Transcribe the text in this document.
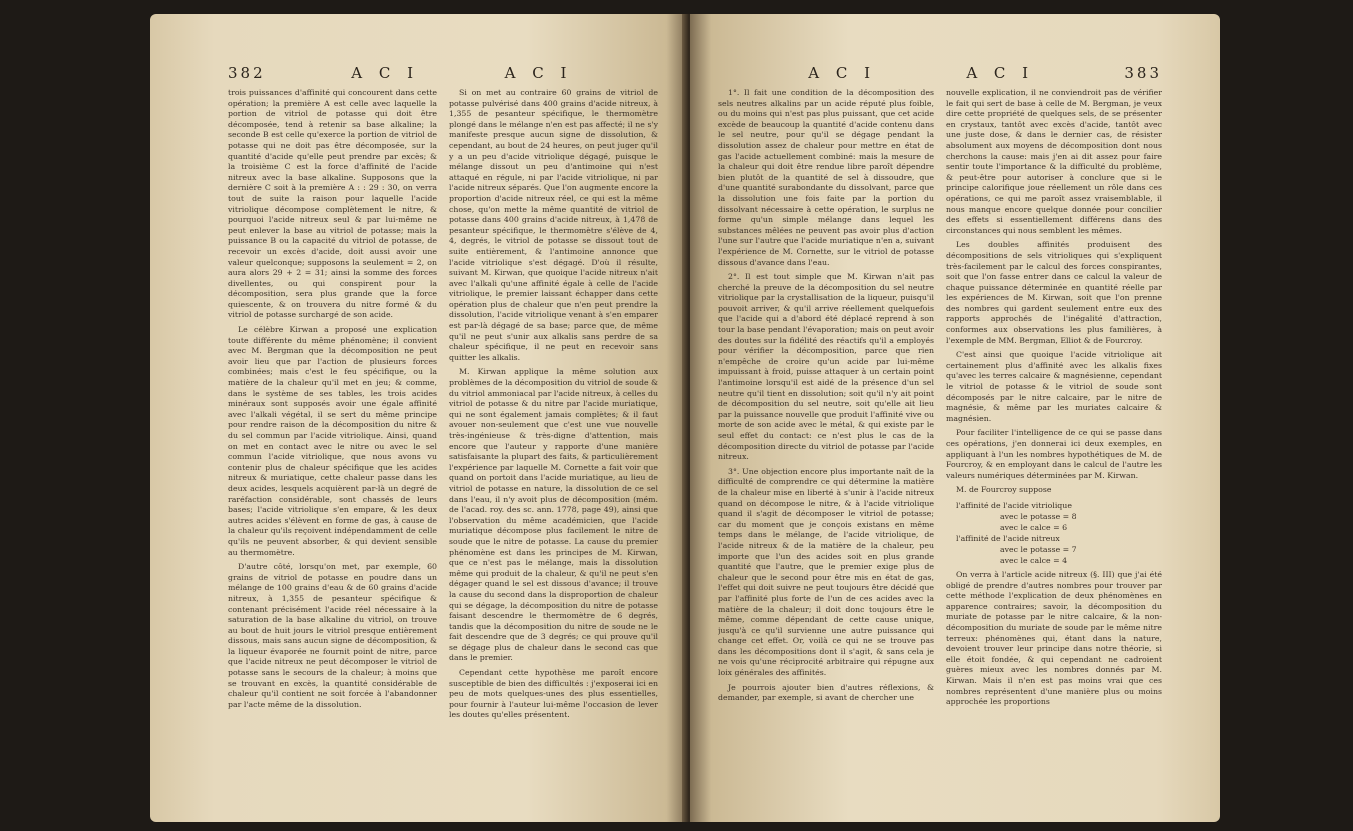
382	A C I	A C I

trois puissances d'affinité qui concourent dans cette opération; la première A est celle avec laquelle la portion de vitriol de potasse qui doit être décomposée, tend à retenir sa base alkaline; la seconde B est celle qu'exerce la portion de vitriol de potasse qui ne doit pas être décomposée, sur la quantité d'acide qu'elle peut prendre par excès; & la troisième C est la force d'affinité de l'acide nitreux avec la base alkaline. Supposons que la dernière C soit à la première A : : 29 : 30, on verra tout de suite la raison pour laquelle l'acide vitriolique décompose complètement le nitre, & pourquoi l'acide nitreux seul & par lui-même ne peut enlever la base au vitriol de potasse; mais la puissance B ou la capacité du vitriol de potasse, de recevoir un excès d'acide, doit aussi avoir une valeur quelconque; supposons la seulement = 2, on aura alors 29 + 2 = 31; ainsi la somme des forces divellentes, ou qui conspirent pour la décomposition, sera plus grande que la force quiescente, & on trouvera du nitre formé & du vitriol de potasse surchargé de son acide.

Le célèbre Kirwan a proposé une explication toute différente du même phénomène; il convient avec M. Bergman que la décomposition ne peut avoir lieu que par l'action de plusieurs forces combinées; mais c'est le feu spécifique, ou la matière de la chaleur qu'il met en jeu; & comme, dans le système de ses tables, les trois acides minéraux sont supposés avoir une égale affinité avec l'alkali végétal, il se sert du même principe pour rendre raison de la décomposition du nitre & du sel commun par l'acide vitriolique. Ainsi, quand on met en contact avec le nitre ou avec le sel commun l'acide vitriolique, que nous avons vu contenir plus de chaleur spécifique que les acides nitreux & muriatique, cette chaleur passe dans les deux acides, lesquels acquièrent par-là un degré de raréfaction considérable, sont chassés de leurs bases; l'acide vitriolique s'en empare, & les deux autres acides s'élèvent en forme de gas, à cause de la chaleur qu'ils reçoivent indépendamment de celle qu'ils ne peuvent absorber, & qui devient sensible au thermomètre.

D'autre côté, lorsqu'on met, par exemple, 60 grains de vitriol de potasse en poudre dans un mélange de 100 grains d'eau & de 60 grains d'acide nitreux, à 1,355 de pesanteur spécifique & contenant précisément l'acide réel nécessaire à la saturation de la base alkaline du vitriol, on trouve au bout de huit jours le vitriol presque entièrement dissous, mais sans aucun signe de décomposition, & la liqueur évaporée ne fournit point de nitre, parce que l'acide nitreux ne peut décomposer le vitriol de potasse sans le secours de la chaleur; à moins que se trouvant en excès, la quantité considérable de chaleur qu'il contient ne soit forcée à l'abandonner par l'acte même de la dissolution.

Si on met au contraire 60 grains de vitriol de potasse pulvérisé dans 400 grains d'acide nitreux, à 1,355 de pesanteur spécifique, le thermomètre plongé dans le mélange n'en est pas affecté; il ne s'y manifeste presque aucun signe de dissolution, & cependant, au bout de 24 heures, on peut juger qu'il y a un peu d'acide vitriolique dégagé, puisque le mélange dissout un peu d'antimoine qui n'est attaqué en régule, ni par l'acide vitriolique, ni par l'acide nitreux séparés. Que l'on augmente encore la proportion d'acide nitreux réel, ce qui est la même chose, qu'on mette la même quantité de vitriol de potasse dans 400 grains d'acide nitreux, à 1,478 de pesanteur spécifique, le thermomètre s'élève de 4, 4, degrés, le vitriol de potasse se dissout tout de suite entièrement, & l'antimoine annonce que l'acide vitriolique s'est dégagé. D'où il résulte, suivant M. Kirwan, que quoique l'acide nitreux n'ait avec l'alkali qu'une affinité égale à celle de l'acide vitriolique, le premier laissant échapper dans cette opération plus de chaleur que n'en peut prendre la dissolution, l'acide vitriolique venant à s'en emparer est par-là dégagé de sa base; parce que, de même qu'il ne peut s'unir aux alkalis sans perdre de sa chaleur spécifique, il ne peut en recevoir sans quitter les alkalis.

M. Kirwan applique la même solution aux problèmes de la décomposition du vitriol de soude & du vitriol ammoniacal par l'acide nitreux, à celles du vitriol de potasse & du nitre par l'acide muriatique, qui ne sont également jamais complètes; & il faut avouer non-seulement que c'est une vue nouvelle très-ingénieuse & très-digne d'attention, mais encore que l'auteur y rapporte d'une manière satisfaisante la plupart des faits, & particulièrement l'expérience par laquelle M. Cornette a fait voir que quand on portoit dans l'acide muriatique, au lieu de vitriol de potasse en nature, la dissolution de ce sel dans l'eau, il n'y avoit plus de décomposition (mém. de l'acad. roy. des sc. ann. 1778, page 49), ainsi que l'observation du même académicien, que l'acide muriatique décompose plus facilement le nitre de soude que le nitre de potasse. La cause du premier phénomène est dans les principes de M. Kirwan, que ce n'est pas le mélange, mais la dissolution même qui produit de la chaleur, & qu'il ne peut s'en dégager quand le sel est dissous d'avance; il trouve la cause du second dans la disproportion de chaleur qui se dégage, la décomposition du nitre de potasse faisant descendre le thermomètre de 6 degrés, tandis que la décomposition du nitre de soude ne le fait descendre que de 3 degrés; ce qui prouve qu'il se dégage plus de chaleur dans le second cas que dans le premier.

Cependant cette hypothèse me paroît encore susceptible de bien des difficultés : j'exposerai ici en peu de mots quelques-unes des plus essentielles, pour fournir à l'auteur lui-même l'occasion de lever les doutes qu'elles présentent.

A C I	A C I	383

1°. Il fait une condition de la décomposition des sels neutres alkalins par un acide réputé plus foible, ou du moins qui n'est pas plus puissant, que cet acide excède de beaucoup la quantité d'acide contenu dans le sel neutre, pour qu'il se dégage pendant la dissolution assez de chaleur pour mettre en état de gas l'acide actuellement combiné: mais la mesure de la chaleur qui doit être rendue libre paroît dépendre bien plutôt de la quantité de sel à dissoudre, que d'une quantité surabondante du dissolvant, parce que la dissolution une fois faite par la portion du dissolvant nécessaire à cette opération, le surplus ne forme qu'un simple mélange dans lequel les substances mêlées ne peuvent pas avoir plus d'action l'une sur l'autre que l'acide muriatique n'en a, suivant l'expérience de M. Cornette, sur le vitriol de potasse dissous d'avance dans l'eau.

2°. Il est tout simple que M. Kirwan n'ait pas cherché la preuve de la décomposition du sel neutre vitriolique par la crystallisation de la liqueur, puisqu'il pouvoit arriver, & qu'il arrive réellement quelquefois que l'acide qui a d'abord été déplacé reprend à son tour la base pendant l'évaporation; mais on peut avoir des doutes sur la fidélité des réactifs qu'il a employés pour vérifier la décomposition, parce que rien n'empêche de croire qu'un acide par lui-même impuissant à froid, puisse attaquer à un certain point l'antimoine lorsqu'il est aidé de la présence d'un sel neutre qu'il tient en dissolution; soit qu'il n'y ait point de décomposition du sel neutre, soit qu'elle ait lieu par la puissance nouvelle que produit l'affinité vive ou morte de son acide avec le métal, & qui existe par le seul effet du contact: ce n'est plus le cas de la décomposition directe du vitriol de potasse par l'acide nitreux.

3°. Une objection encore plus importante naît de la difficulté de comprendre ce qui détermine la matière de la chaleur mise en liberté à s'unir à l'acide nitreux quand on décompose le nitre, & à l'acide vitriolique quand il s'agit de décomposer le vitriol de potasse; car du moment que je conçois existans en même temps dans le mélange, de l'acide vitriolique, de l'acide nitreux & de la matière de la chaleur, peu importe que l'un des acides soit en plus grande quantité que l'autre, que le premier exige plus de chaleur que le second pour être mis en état de gas, l'effet qui doit suivre ne peut toujours être décidé que par l'affinité plus forte de l'un de ces acides avec la matière de la chaleur; il doit donc toujours être le même, comme dépendant de cette cause unique, jusqu'à ce qu'il survienne une autre puissance qui change cet effet. Or, voilà ce qui ne se trouve pas dans les décompositions dont il s'agit, & sans cela je ne vois qu'une réciprocité arbitraire qui répugne aux loix générales des affinités.

Je pourrois ajouter bien d'autres réflexions, & demander, par exemple, si avant de chercher une

nouvelle explication, il ne conviendroit pas de vérifier le fait qui sert de base à celle de M. Bergman, je veux dire cette propriété de quelques sels, de se présenter en crystaux, tantôt avec excès d'acide, tantôt avec une juste dose, & dans le dernier cas, de résister absolument aux moyens de décomposition dont nous cherchons la cause: mais j'en ai dit assez pour faire sentir toute l'importance & la difficulté du problème, & peut-être pour autoriser à conclure que si le principe calorifique joue réellement un rôle dans ces opérations, ce qui me paroît assez vraisemblable, il nous manque encore quelque donnée pour concilier des effets si essentiellement différens dans des circonstances qui nous semblent les mêmes.

Les doubles affinités produisent des décompositions de sels vitrioliques qui s'expliquent très-facilement par le calcul des forces conspirantes, soit que l'on fasse entrer dans ce calcul la valeur de chaque puissance déterminée en quantité réelle par les expériences de M. Kirwan, soit que l'on prenne des nombres qui gardent seulement entre eux des rapports approchés de l'inégalité d'attraction, conformes aux observations les plus familières, à l'exemple de MM. Bergman, Elliot & de Fourcroy.

C'est ainsi que quoique l'acide vitriolique ait certainement plus d'affinité avec les alkalis fixes qu'avec les terres calcaire & magnésienne, cependant le vitriol de potasse & le vitriol de soude sont décomposés par le nitre calcaire, par le nitre de magnésie, & même par les muriates calcaire & magnésien.

Pour faciliter l'intelligence de ce qui se passe dans ces opérations, j'en donnerai ici deux exemples, en appliquant à l'un les nombres hypothétiques de M. de Fourcroy, & en employant dans le calcul de l'autre les valeurs numériques déterminées par M. Kirwan.

M. de Fourcroy suppose

l'affinité de l'acide vitriolique
avec le potasse = 8
avec le calce = 6
l'affinité de l'acide nitreux
avec le potasse = 7
avec le calce = 4

On verra à l'article acide nitreux (§. III) que j'ai été obligé de prendre d'autres nombres pour trouver par cette méthode l'explication de deux phénomènes en apparence contraires; savoir, la décomposition du muriate de potasse par le nitre calcaire, & la non-décomposition du muriate de soude par le même nitre terreux: phénomènes qui, étant dans la nature, devoient trouver leur principe dans notre théorie, si elle étoit fondée, & qui cependant ne cadroient guères mieux avec les nombres donnés par M. Kirwan. Mais il n'en est pas moins vrai que ces nombres représentent d'une manière plus ou moins approchée les proportions
